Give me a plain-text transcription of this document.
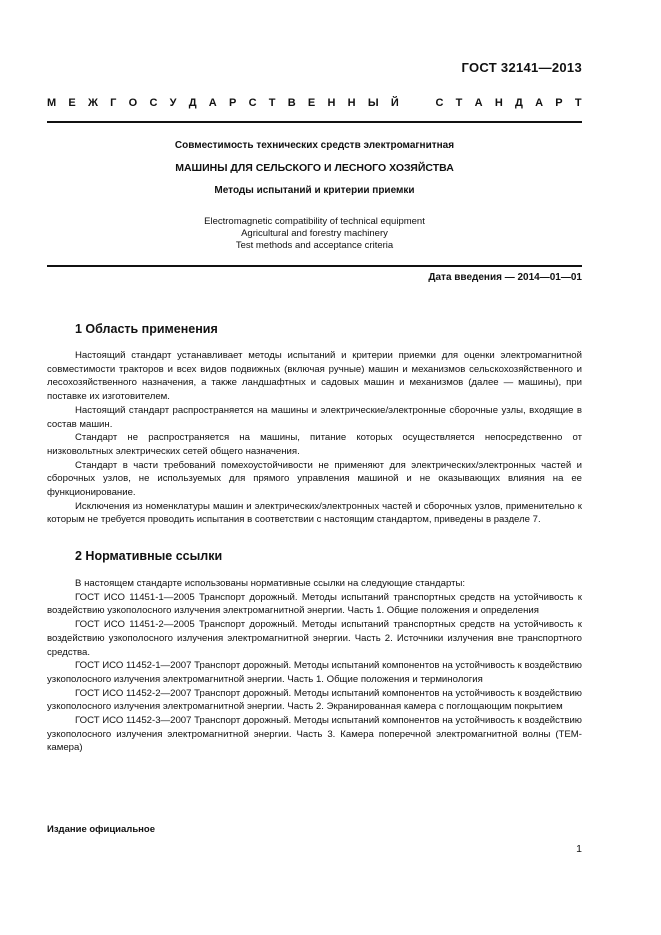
ГОСТ 32141—2013
М Е Ж Г О С У Д А Р С Т В Е Н Н Ы Й	С Т А Н Д А Р Т
Совместимость технических средств электромагнитная
МАШИНЫ ДЛЯ СЕЛЬСКОГО И ЛЕСНОГО ХОЗЯЙСТВА
Методы испытаний и критерии приемки
Electromagnetic compatibility of technical equipment
Agricultural and forestry machinery
Test methods and acceptance criteria
Дата введения — 2014—01—01
1 Область применения

Настоящий стандарт устанавливает методы испытаний и критерии приемки для оценки электромагнитной совместимости тракторов и всех видов подвижных (включая ручные) машин и механизмов сельскохозяйственного и лесохозяйственного назначения, а также ландшафтных и садовых машин и механизмов (далее — машины), при поставке их изготовителем.

Настоящий стандарт распространяется на машины и электрические/электронные сборочные узлы, входящие в состав машин.

Стандарт не распространяется на машины, питание которых осуществляется непосредственно от низковольтных электрических сетей общего назначения.

Стандарт в части требований помехоустойчивости не применяют для электрических/электронных частей и сборочных узлов, не используемых для прямого управления машиной и не оказывающих влияния на ее функционирование.

Исключения из номенклатуры машин и электрических/электронных частей и сборочных узлов, применительно к которым не требуется проводить испытания в соответствии с настоящим стандартом, приведены в разделе 7.

2 Нормативные ссылки

В настоящем стандарте использованы нормативные ссылки на следующие стандарты:

ГОСТ ИСО 11451-1—2005 Транспорт дорожный. Методы испытаний транспортных средств на устойчивость к воздействию узкополосного излучения электромагнитной энергии. Часть 1. Общие положения и определения

ГОСТ ИСО 11451-2—2005 Транспорт дорожный. Методы испытаний транспортных средств на устойчивость к воздействию узкополосного излучения электромагнитной энергии. Часть 2. Источники излучения вне транспортного средства.

ГОСТ ИСО 11452-1—2007 Транспорт дорожный. Методы испытаний компонентов на устойчивость к воздействию узкополосного излучения электромагнитной энергии. Часть 1. Общие положения и терминология

ГОСТ ИСО 11452-2—2007 Транспорт дорожный. Методы испытаний компонентов на устойчивость к воздействию узкополосного излучения электромагнитной энергии. Часть 2. Экранированная камера с поглощающим покрытием

ГОСТ ИСО 11452-3—2007 Транспорт дорожный. Методы испытаний компонентов на устойчивость к воздействию узкополосного излучения электромагнитной энергии. Часть 3. Камера поперечной электромагнитной волны (ТЕМ-камера)

Издание официальное
1
